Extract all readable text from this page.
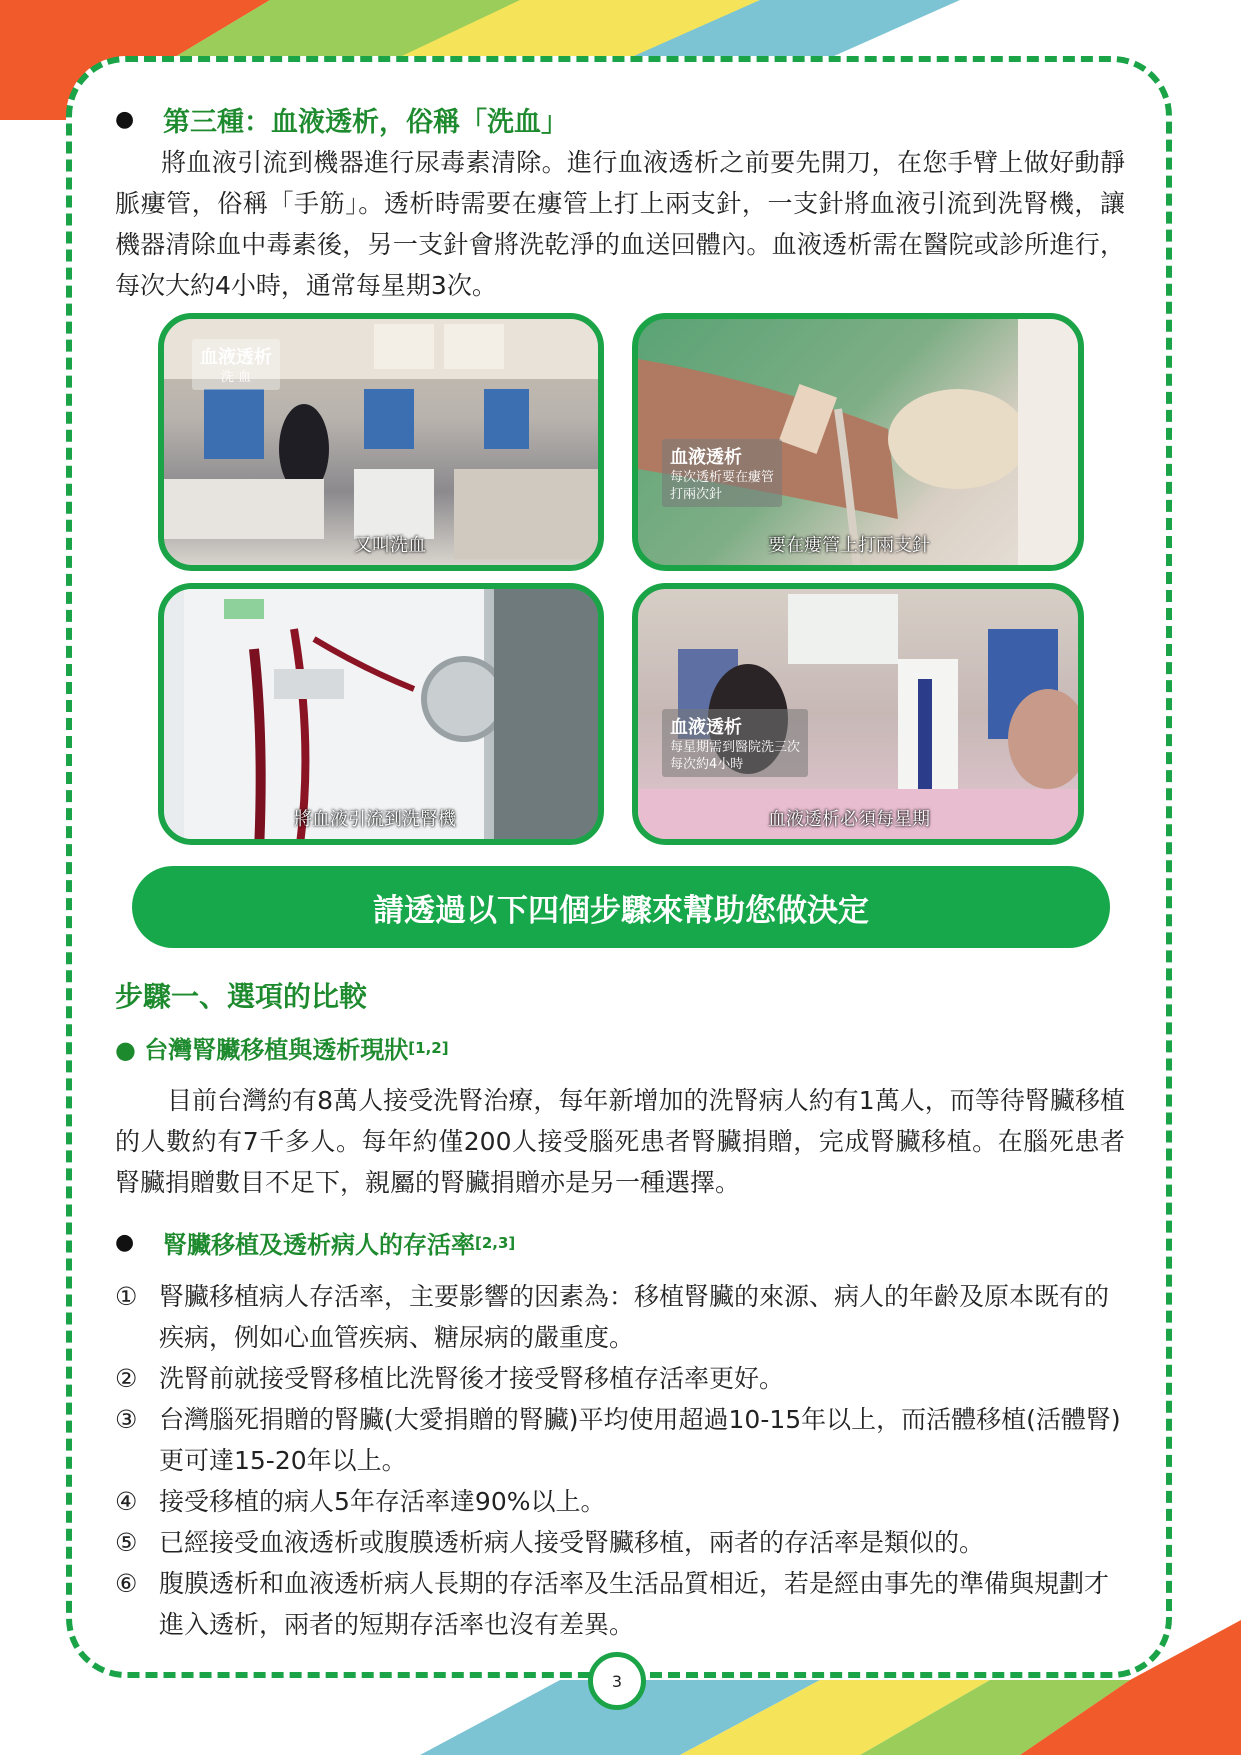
●	第三種：血液透析，俗稱「洗血」

將血液引流到機器進行尿毒素清除。進行血液透析之前要先開刀，在您手臂上做好動靜脈瘻管，俗稱「手筋」。透析時需要在瘻管上打上兩支針，一支針將血液引流到洗腎機，讓機器清除血中毒素後，另一支針會將洗乾淨的血送回體內。血液透析需在醫院或診所進行，每次大約4小時，通常每星期3次。

血液透析
洗 血
又叫洗血
血液透析
每次透析要在瘻管
打兩次針
要在瘻管上打兩支針
將血液引流到洗腎機
血液透析
每星期需到醫院洗三次
每次約4小時
血液透析必須每星期
請透過以下四個步驟來幫助您做決定
步驟一、選項的比較
● 台灣腎臟移植與透析現狀 [1,2]

目前台灣約有8萬人接受洗腎治療，每年新增加的洗腎病人約有1萬人，而等待腎臟移植的人數約有7千多人。每年約僅200人接受腦死患者腎臟捐贈，完成腎臟移植。在腦死患者腎臟捐贈數目不足下，親屬的腎臟捐贈亦是另一種選擇。

●	腎臟移植及透析病人的存活率 [2,3]
① 腎臟移植病人存活率，主要影響的因素為：移植腎臟的來源、病人的年齡及原本既有的疾病，例如心血管疾病、糖尿病的嚴重度。
② 洗腎前就接受腎移植比洗腎後才接受腎移植存活率更好。
③ 台灣腦死捐贈的腎臟(大愛捐贈的腎臟)平均使用超過10-15年以上，而活體移植(活體腎)更可達15-20年以上。
④ 接受移植的病人5年存活率達90%以上。
⑤ 已經接受血液透析或腹膜透析病人接受腎臟移植，兩者的存活率是類似的。
⑥ 腹膜透析和血液透析病人長期的存活率及生活品質相近，若是經由事先的準備與規劃才進入透析，兩者的短期存活率也沒有差異。
3
